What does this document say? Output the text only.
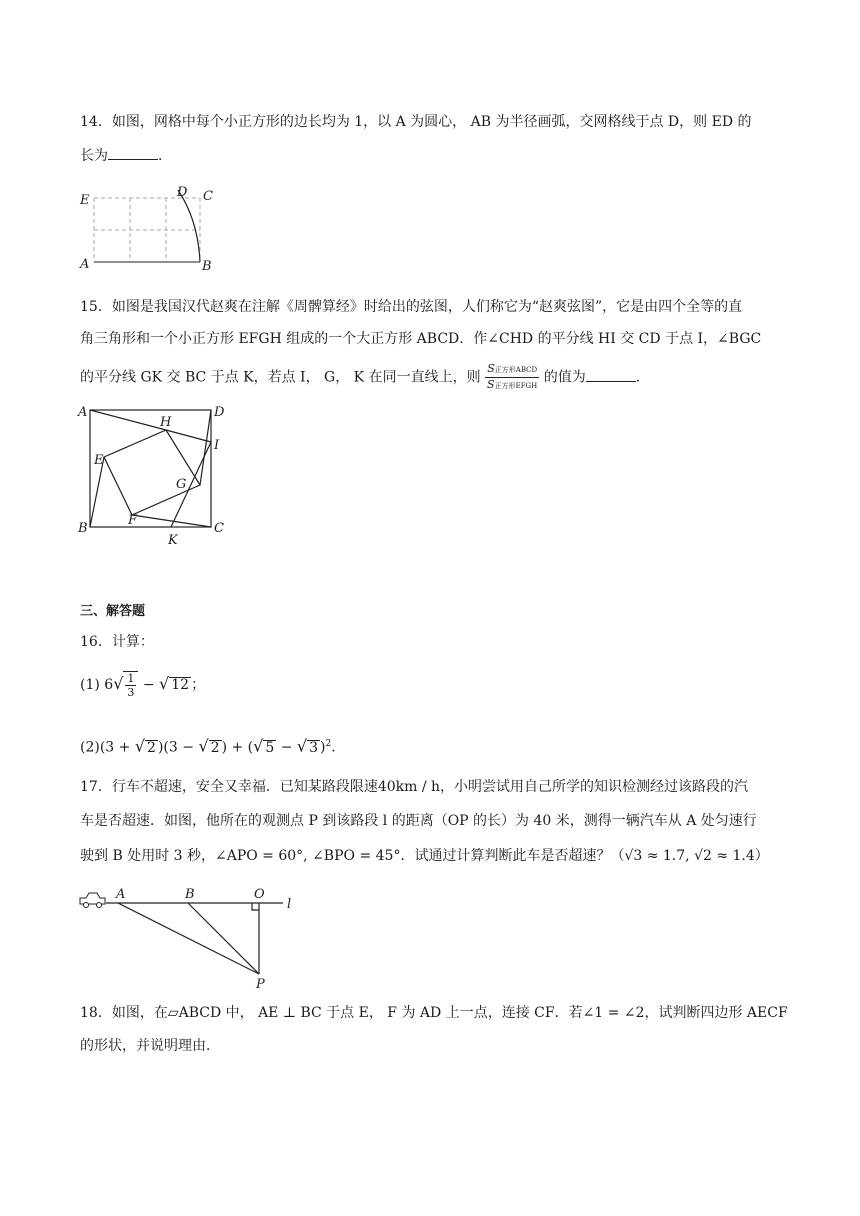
14．如图，网格中每个小正方形的边长均为 1，以 A 为圆心， AB 为半径画弧，交网格线于点 D，则 ED 的
长为	．
E
D C
A	B
15．如图是我国汉代赵爽在注解《周髀算经》时给出的弦图，人们称它为“赵爽弦图”，它是由四个全等的直
角三角形和一个小正方形 EFGH 组成的一个大正方形 ABCD．作∠CHD 的平分线 HI 交 CD 于点 I，∠BGC
的平分线 GK 交 BC 于点 K，若点 I， G， K 在同一直线上，则 $\frac{\text{S正方形ABCD}}{\text{S正方形EFGH}}$ 的值为	．
A	D
H
I
E
G
B
F
C
K
三、解答题
16．计算：
(1) $6√ \frac{1}{3}$ − √ 12 ；
(2)(3 + √ 2 )(3 − √ 2 ) + (√ 5 − √ 3 )$^2$．
17．行车不超速，安全又幸福．已知某路段限速40km / h，小明尝试用自己所学的知识检测经过该路段的汽
车是否超速．如图，他所在的观测点 P 到该路段 l 的距离（OP 的长）为 40 米，测得一辆汽车从 A 处匀速行
驶到 B 处用时 3 秒，∠APO = 60°, ∠BPO = 45°．试通过计算判断此车是否超速？（√3 ≈ 1.7, √2 ≈ 1.4）
A	B	O
l
P
18．如图，在▱ABCD 中， AE ⊥ BC 于点 E， F 为 AD 上一点，连接 CF．若∠1 = ∠2，试判断四边形 AECF
的形状，并说明理由．
